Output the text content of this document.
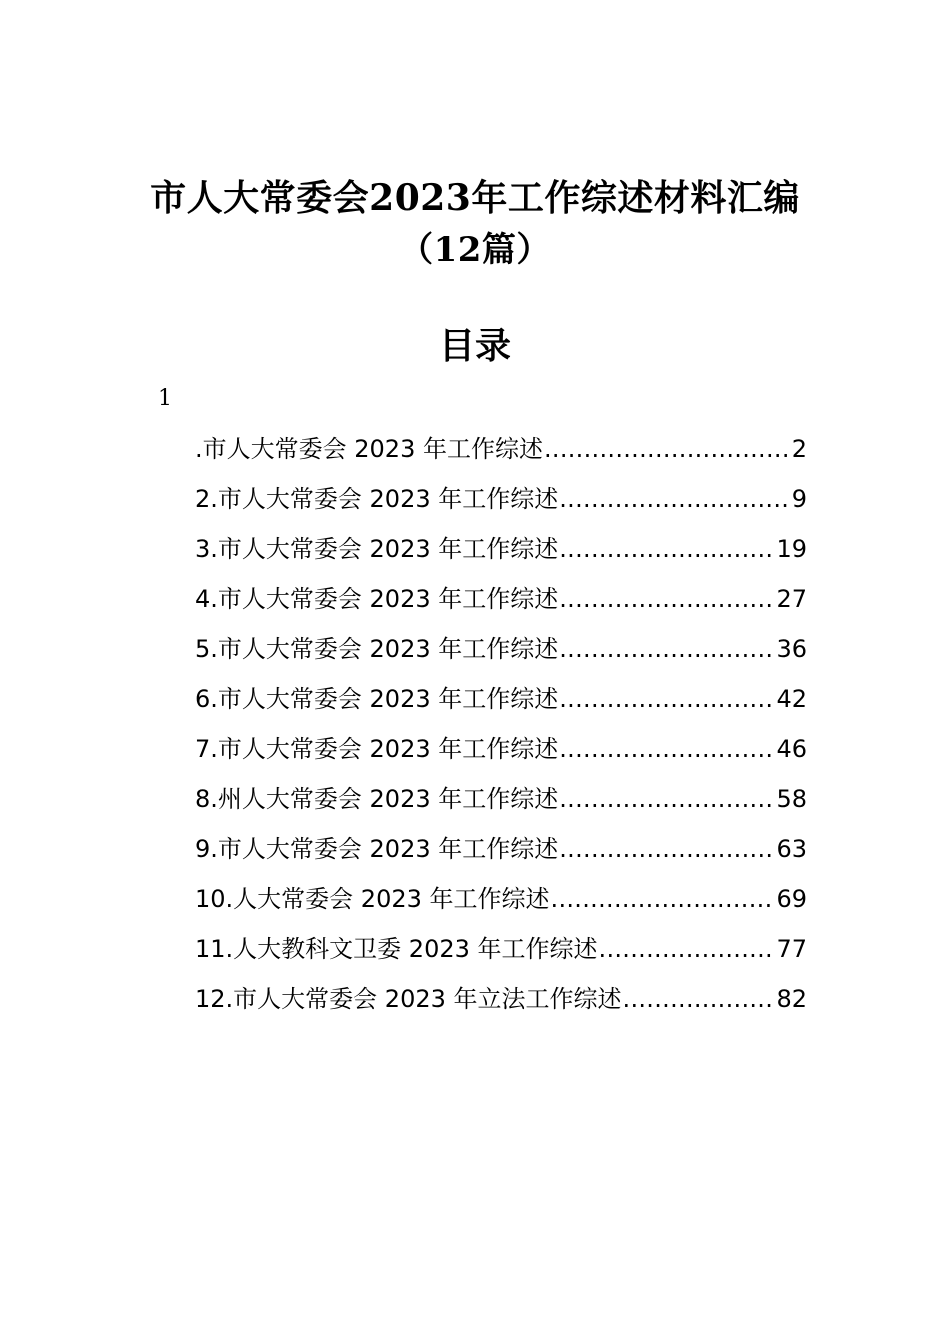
市人大常委会2023年工作综述材料汇编
（12篇）
目录
1
.市人大常委会 2023 年工作综述 .....	2
2.市人大常委会 2023 年工作综述 .....	9
3.市人大常委会 2023 年工作综述 .....	19
4.市人大常委会 2023 年工作综述 .....	27
5.市人大常委会 2023 年工作综述 .....	36
6.市人大常委会 2023 年工作综述 .....	42
7.市人大常委会 2023 年工作综述 .....	46
8.州人大常委会 2023 年工作综述 .....	58
9.市人大常委会 2023 年工作综述 .....	63
10.人大常委会 2023 年工作综述 .....	69
11.人大教科文卫委 2023 年工作综述 .....	77
12.市人大常委会 2023 年立法工作综述 .....	82
